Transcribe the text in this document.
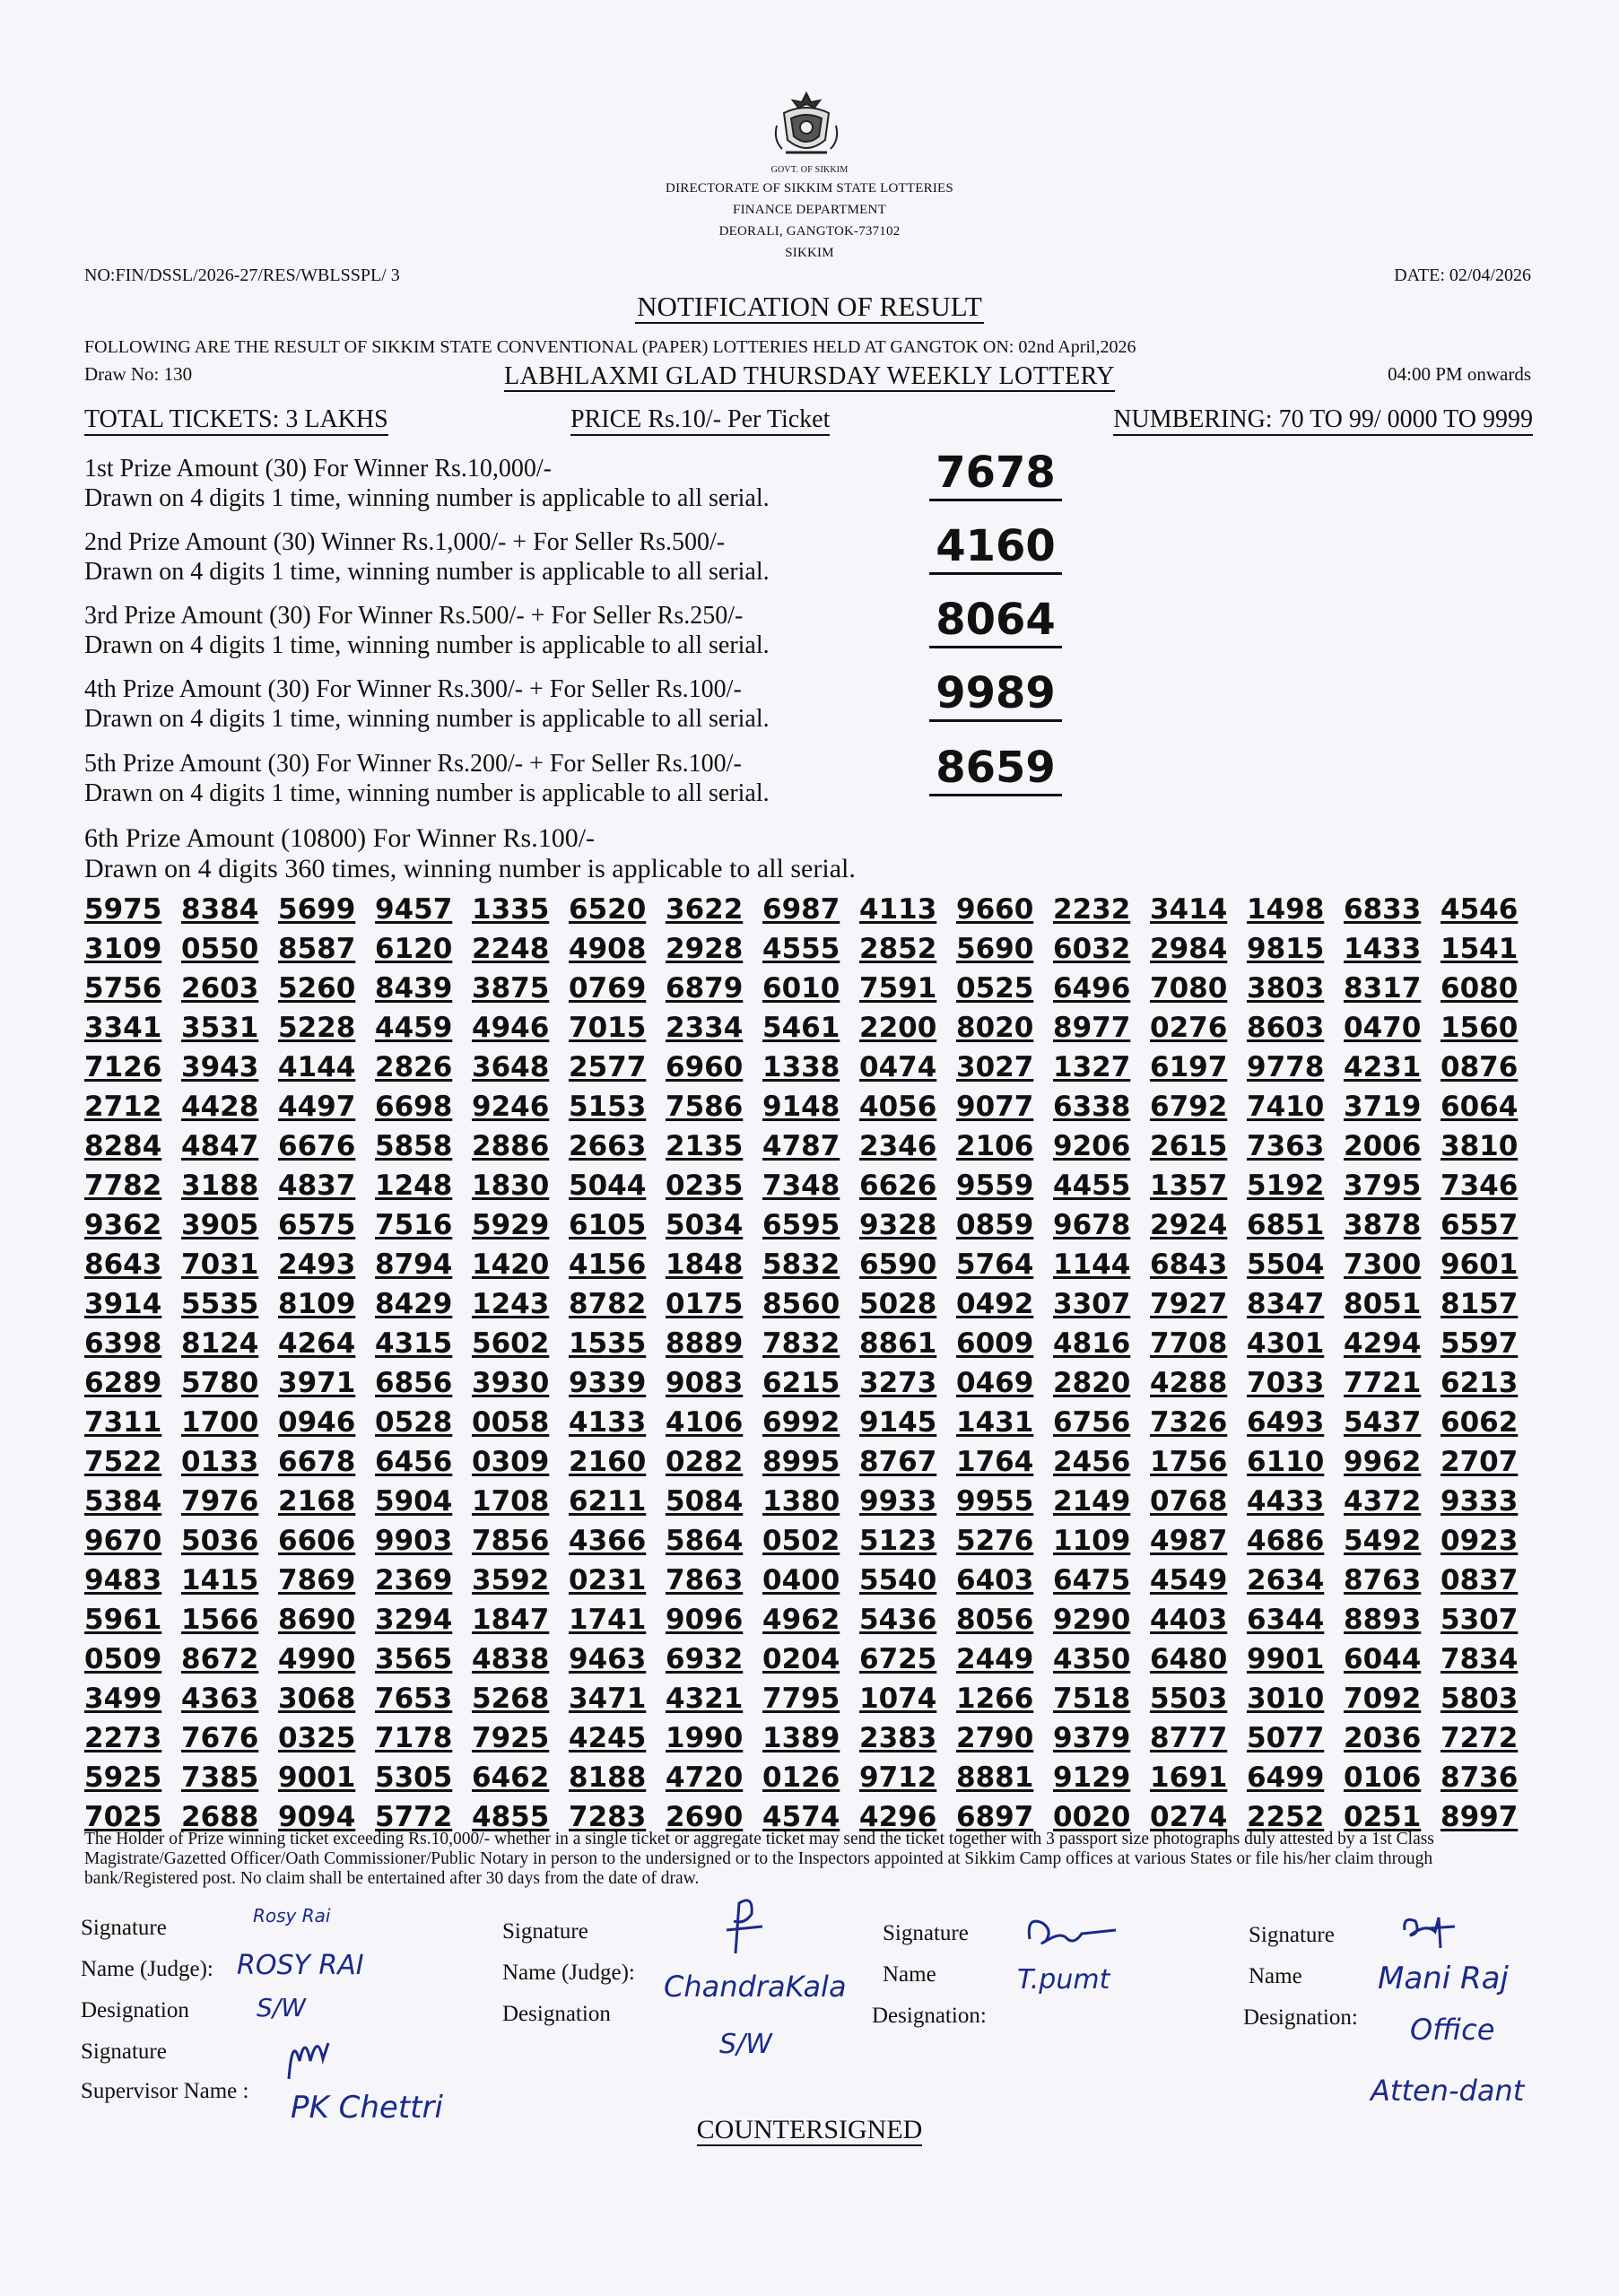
GOVT. OF SIKKIM
DIRECTORATE OF SIKKIM STATE LOTTERIES
FINANCE DEPARTMENT
DEORALI, GANGTOK-737102
SIKKIM
NO:FIN/DSSL/2026-27/RES/WBLSSPL/ 3	DATE: 02/04/2026
NOTIFICATION OF RESULT
FOLLOWING ARE THE RESULT OF SIKKIM STATE CONVENTIONAL (PAPER) LOTTERIES HELD AT GANGTOK ON: 02nd April,2026
Draw No: 130	LABHLAXMI GLAD THURSDAY WEEKLY LOTTERY	04:00 PM onwards
TOTAL TICKETS: 3 LAKHS	PRICE Rs.10/- Per Ticket	NUMBERING: 70 TO 99/ 0000 TO 9999
1st Prize Amount (30) For Winner Rs.10,000/-
Drawn on 4 digits 1 time, winning number is applicable to all serial.
7678
2nd Prize Amount (30) Winner Rs.1,000/- + For Seller Rs.500/-
Drawn on 4 digits 1 time, winning number is applicable to all serial.
4160
3rd Prize Amount (30) For Winner Rs.500/- + For Seller Rs.250/-
Drawn on 4 digits 1 time, winning number is applicable to all serial.
8064
4th Prize Amount (30) For Winner Rs.300/- + For Seller Rs.100/-
Drawn on 4 digits 1 time, winning number is applicable to all serial.
9989
5th Prize Amount (30) For Winner Rs.200/- + For Seller Rs.100/-
Drawn on 4 digits 1 time, winning number is applicable to all serial.
8659
6th Prize Amount (10800) For Winner Rs.100/-
Drawn on 4 digits 360 times, winning number is applicable to all serial.
5975 8384 5699 9457 1335 6520 3622 6987 4113 9660 2232 3414 1498 6833 4546
3109 0550 8587 6120 2248 4908 2928 4555 2852 5690 6032 2984 9815 1433 1541
5756 2603 5260 8439 3875 0769 6879 6010 7591 0525 6496 7080 3803 8317 6080
3341 3531 5228 4459 4946 7015 2334 5461 2200 8020 8977 0276 8603 0470 1560
7126 3943 4144 2826 3648 2577 6960 1338 0474 3027 1327 6197 9778 4231 0876
2712 4428 4497 6698 9246 5153 7586 9148 4056 9077 6338 6792 7410 3719 6064
8284 4847 6676 5858 2886 2663 2135 4787 2346 2106 9206 2615 7363 2006 3810
7782 3188 4837 1248 1830 5044 0235 7348 6626 9559 4455 1357 5192 3795 7346
9362 3905 6575 7516 5929 6105 5034 6595 9328 0859 9678 2924 6851 3878 6557
8643 7031 2493 8794 1420 4156 1848 5832 6590 5764 1144 6843 5504 7300 9601
3914 5535 8109 8429 1243 8782 0175 8560 5028 0492 3307 7927 8347 8051 8157
6398 8124 4264 4315 5602 1535 8889 7832 8861 6009 4816 7708 4301 4294 5597
6289 5780 3971 6856 3930 9339 9083 6215 3273 0469 2820 4288 7033 7721 6213
7311 1700 0946 0528 0058 4133 4106 6992 9145 1431 6756 7326 6493 5437 6062
7522 0133 6678 6456 0309 2160 0282 8995 8767 1764 2456 1756 6110 9962 2707
5384 7976 2168 5904 1708 6211 5084 1380 9933 9955 2149 0768 4433 4372 9333
9670 5036 6606 9903 7856 4366 5864 0502 5123 5276 1109 4987 4686 5492 0923
9483 1415 7869 2369 3592 0231 7863 0400 5540 6403 6475 4549 2634 8763 0837
5961 1566 8690 3294 1847 1741 9096 4962 5436 8056 9290 4403 6344 8893 5307
0509 8672 4990 3565 4838 9463 6932 0204 6725 2449 4350 6480 9901 6044 7834
3499 4363 3068 7653 5268 3471 4321 7795 1074 1266 7518 5503 3010 7092 5803
2273 7676 0325 7178 7925 4245 1990 1389 2383 2790 9379 8777 5077 2036 7272
5925 7385 9001 5305 6462 8188 4720 0126 9712 8881 9129 1691 6499 0106 8736
7025 2688 9094 5772 4855 7283 2690 4574 4296 6897 0020 0274 2252 0251 8997
The Holder of Prize winning ticket exceeding Rs.10,000/- whether in a single ticket or aggregate ticket may send the ticket together with 3 passport size photographs duly attested by a 1st Class Magistrate/Gazetted Officer/Oath Commissioner/Public Notary in person to the undersigned or to the Inspectors appointed at Sikkim Camp offices at various States or file his/her claim through bank/Registered post. No claim shall be entertained after 30 days from the date of draw.
Signature	Rosy Rai
Name (Judge): ROSY RAI
Designation	S/W
Signature
Supervisor Name : PK Chettri
Signature
Name (Judge): ChandraKala
Designation
S/W
Signature
Name	T.pumt
Designation:
Signature
Name Mani Raj
Designation: Office
Atten-dant
COUNTERSIGNED
